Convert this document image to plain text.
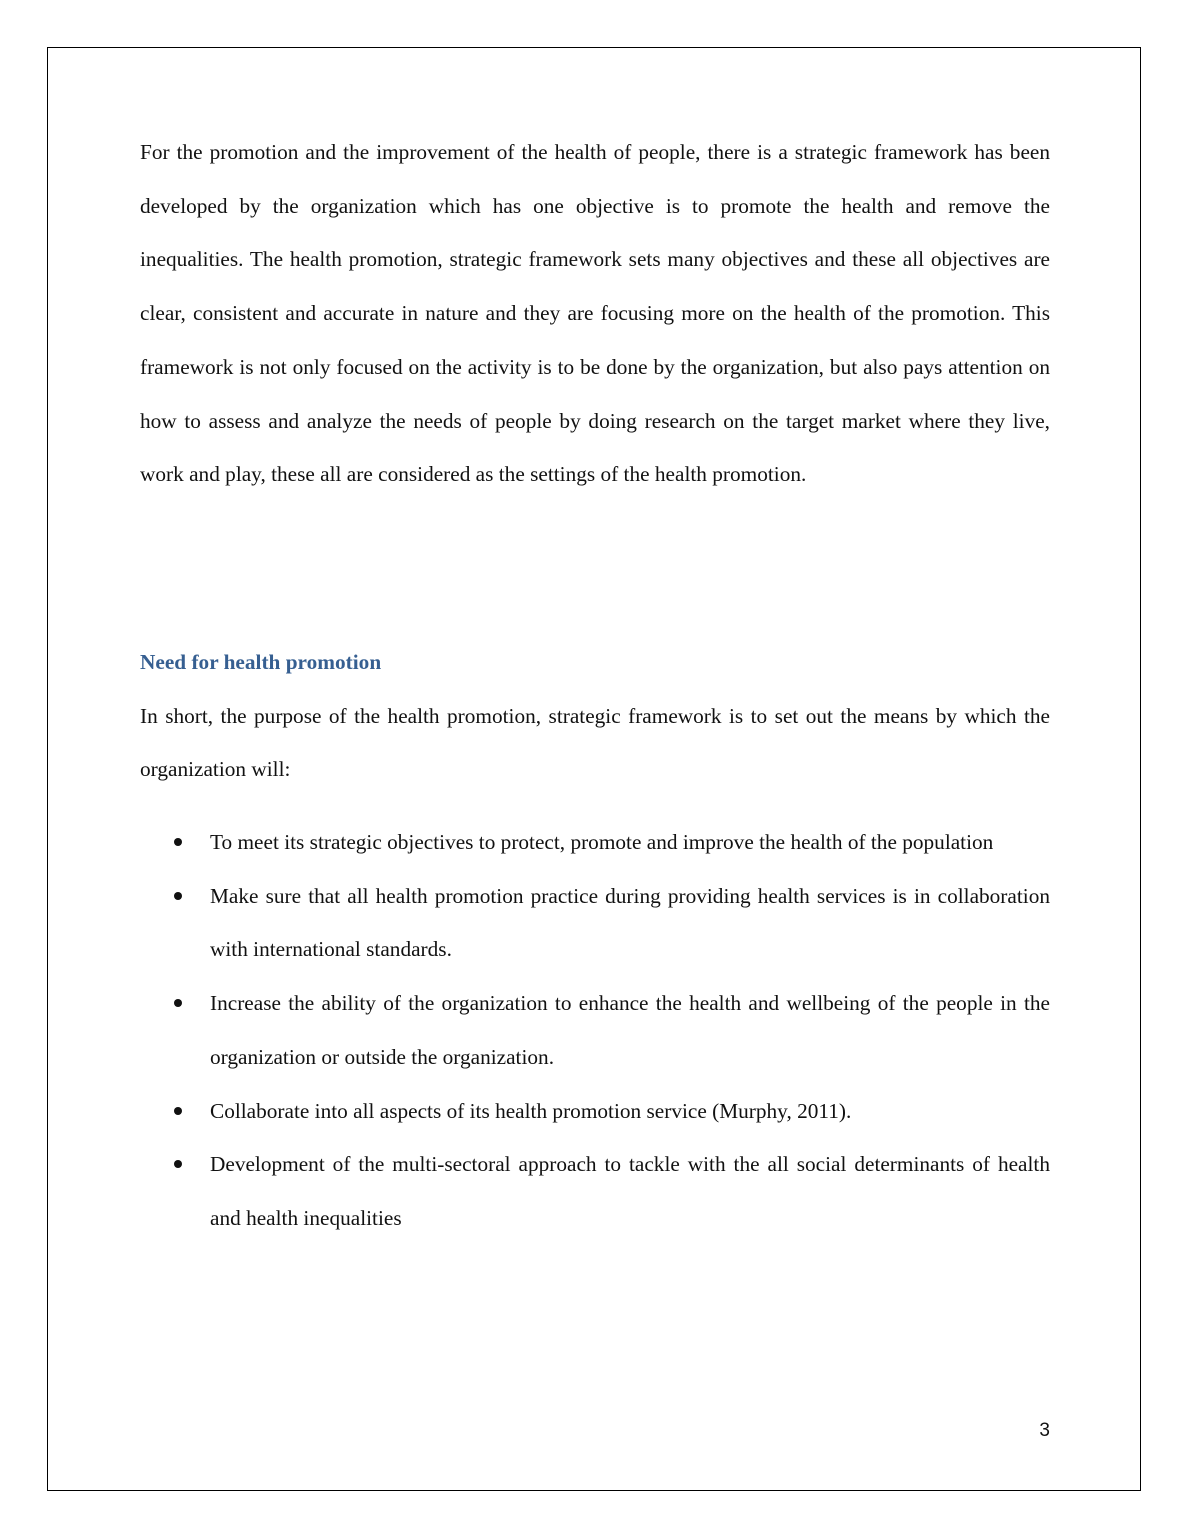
For the promotion and the improvement of the health of people, there is a strategic framework has been developed by the organization which has one objective is to promote the health and remove the inequalities. The health promotion, strategic framework sets many objectives and these all objectives are clear, consistent and accurate in nature and they are focusing more on the health of the promotion. This framework is not only focused on the activity is to be done by the organization, but also pays attention on how to assess and analyze the needs of people by doing research on the target market where they live, work and play, these all are considered as the settings of the health promotion.

Need for health promotion

In short, the purpose of the health promotion, strategic framework is to set out the means by which the organization will:

To meet its strategic objectives to protect, promote and improve the health of the population
Make sure that all health promotion practice during providing health services is in collaboration with international standards.
Increase the ability of the organization to enhance the health and wellbeing of the people in the organization or outside the organization.
Collaborate into all aspects of its health promotion service (Murphy, 2011).
Development of the multi-sectoral approach to tackle with the all social determinants of health and health inequalities
3
